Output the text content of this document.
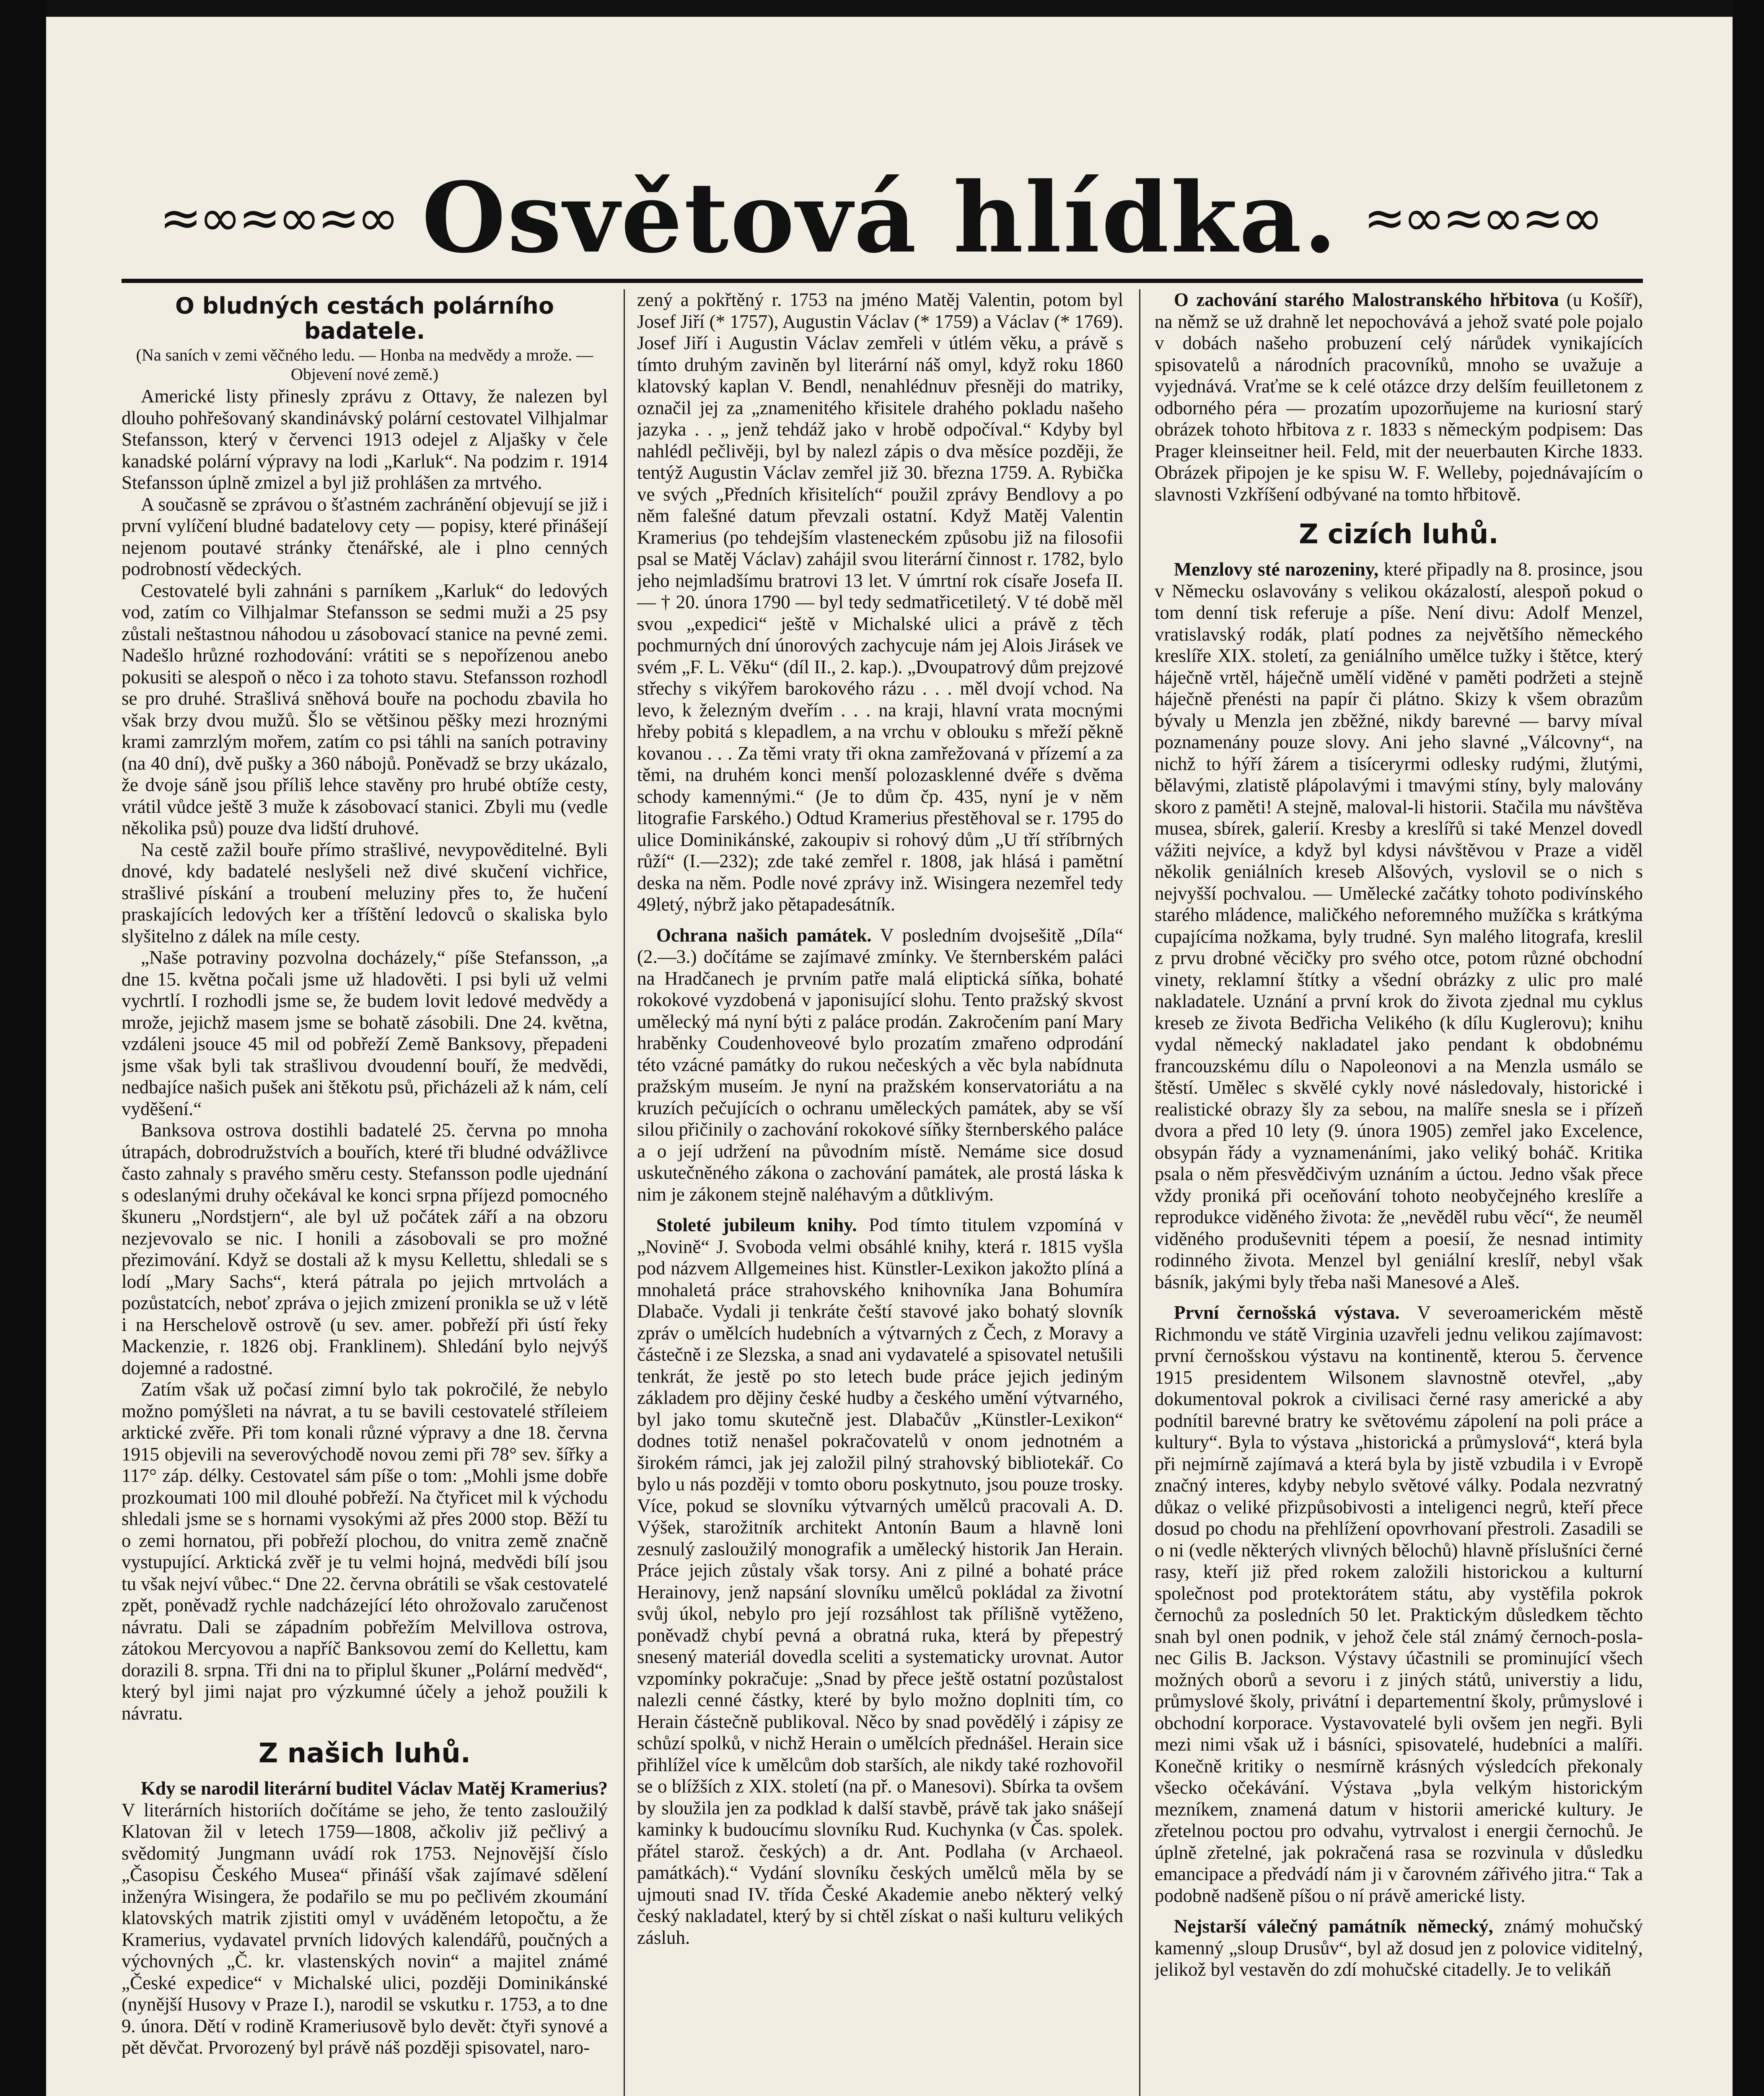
≈∞≈∞≈∞ Osvětová hlídka. ≈∞≈∞≈∞
O bludných cestách polárního badatele.
(Na saních v zemi věčného ledu. — Honba na medvědy a mrože. — Objevení nové země.)

Americké listy přinesly zprávu z Ottavy, že nalezen byl dlouho pohřešovaný skandinávský polární cestovatel Vilhjalmar Stefansson, který v červenci 1913 odejel z Aljašky v čele kanadské polární výpravy na lodi „Karluk“. Na podzim r. 1914 Stefansson úplně zmizel a byl již prohlášen za mrtvého.

A současně se zprávou o šťastném zachránění objevují se již i první vylíčení bludné badatelovy cety — popisy, které přinášejí nejenom poutavé stránky čtenářské, ale i plno cenných podrobností vědeckých.

Cestovatelé byli zahnáni s parníkem „Karluk“ do ledových vod, zatím co Vilhjalmar Stefansson se sedmi muži a 25 psy zůstali neštastnou náhodou u zásobovací stanice na pevné zemi. Nadešlo hrůzné rozhodování: vrátiti se s nepořízenou anebo pokusiti se alespoň o něco i za tohoto stavu. Stefansson rozhodl se pro druhé. Strašlivá sněhová bouře na pochodu zbavila ho však brzy dvou mužů. Šlo se většinou pěšky mezi hroznými krami zamrzlým mořem, zatím co psi táhli na saních potraviny (na 40 dní), dvě pušky a 360 nábojů. Poněvadž se brzy ukázalo, že dvoje sáně jsou příliš lehce stavěny pro hrubé obtíže cesty, vrátil vůdce ještě 3 muže k zásobovací stanici. Zbyli mu (vedle několika psů) pouze dva lidští druhové.

Na cestě zažil bouře přímo strašlivé, nevypověditelné. Byli dnové, kdy badatelé neslyšeli než divé skučení vichřice, strašlivé pískání a troubení meluziny přes to, že hučení praskajících ledových ker a tříštění ledovců o skaliska bylo slyšitelno z dálek na míle cesty.

„Naše potraviny pozvolna docházely,“ píše Stefansson, „a dne 15. května počali jsme už hladověti. I psi byli už velmi vychrtlí. I rozhodli jsme se, že budem lovit ledové medvědy a mrože, jejichž masem jsme se bohatě zásobili. Dne 24. května, vzdáleni jsouce 45 mil od pobřeží Země Banksovy, přepadeni jsme však byli tak strašlivou dvoudenní bouří, že medvědi, nedbajíce našich pušek ani štěkotu psů, přicházeli až k nám, celí vyděšení.“

Banksova ostrova dostihli badatelé 25. června po mnoha útrapách, dobrodružstvích a bouřích, které tři bludné odvážlivce často zahnaly s pravého směru cesty. Stefansson podle ujednání s odeslanými druhy očekával ke konci srpna příjezd pomocného škuneru „Nordstjern“, ale byl už počátek září a na obzoru nezjevovalo se nic. I honili a zásobovali se pro možné přezimování. Když se dostali až k mysu Kellettu, shledali se s lodí „Mary Sachs“, která pátrala po jejich mrtvolách a pozůstatcích, neboť zpráva o jejich zmizení pronikla se už v létě i na Herschelově ostrově (u sev. amer. pobřeží při ústí řeky Mackenzie, r. 1826 obj. Franklinem). Shledání bylo nejvýš dojemné a radostné.

Zatím však už počasí zimní bylo tak pokročilé, že nebylo možno pomýšleti na návrat, a tu se bavili cestovatelé stříleiem arktické zvěře. Při tom konali různé výpravy a dne 18. června 1915 objevili na severovýchodě novou zemi při 78° sev. šířky a 117° záp. délky. Cestovatel sám píše o tom: „Mohli jsme dobře prozkoumati 100 mil dlouhé pobřeží. Na čtyřicet mil k východu shledali jsme se s hornami vysokými až přes 2000 stop. Běží tu o zemi hornatou, při pobřeží plochou, do vnitra země značně vystupující. Arktická zvěř je tu velmi hojná, medvědi bílí jsou tu však nejví vůbec.“ Dne 22. června obrátili se však cestovatelé zpět, poněvadž rychle nadcházející léto ohrožovalo zaručenost návratu. Dali se západním pobřežím Melvillova ostrova, zátokou Mercyovou a napříč Banksovou zemí do Kellettu, kam dorazili 8. srpna. Tři dni na to připlul škuner „Polární medvěd“, který byl jimi najat pro výzkumné účely a jehož použili k návratu.

Z našich luhů.

Kdy se narodil literární buditel Václav Matěj Kramerius? V literárních historiích dočítáme se jeho, že tento zasloužilý Klatovan žil v letech 1759—1808, ačkoliv již pečlivý a svědomitý Jungmann uvádí rok 1753. Nejnovější číslo „Časopisu Českého Musea“ přináší však zajímavé sdělení inženýra Wisingera, že podařilo se mu po pečlivém zkoumání klatovských matrik zjistiti omyl v uváděném letopočtu, a že Kramerius, vydavatel prvních lidových kalendářů, poučných a výchovných „Č. kr. vlastenských novin“ a majitel známé „České expedice“ v Michalské ulici, později Dominikánské (nynější Husovy v Praze I.), narodil se vskutku r. 1753, a to dne 9. února. Dětí v rodině Krameriusově bylo devět: čtyři synové a pět děvčat. Prvorozený byl právě náš později spisovatel, naro-

zený a pokřtěný r. 1753 na jméno Matěj Valentin, potom byl Josef Jiří (* 1757), Augustin Václav (* 1759) a Václav (* 1769). Josef Jiří i Augustin Václav zemřeli v útlém věku, a právě s tímto druhým zaviněn byl literární náš omyl, když roku 1860 klatovský kaplan V. Bendl, nenahlédnuv přesněji do matriky, označil jej za „znamenitého křisitele drahého pokladu našeho jazyka . . „ jenž tehdáž jako v hrobě odpočíval.“ Kdyby byl nahlédl pečlivěji, byl by nalezl zápis o dva měsíce později, že tentýž Augustin Václav zemřel již 30. března 1759. A. Rybička ve svých „Předních křisitelích“ použil zprávy Bendlovy a po něm falešné datum převzali ostatní. Když Matěj Valentin Kramerius (po tehdejším vlasteneckém způsobu již na filosofii psal se Matěj Václav) zahájil svou literární činnost r. 1782, bylo jeho nejmladšímu bratrovi 13 let. V úmrtní rok císaře Josefa II. — † 20. února 1790 — byl tedy sedmatřicetiletý. V té době měl svou „expedici“ ještě v Michalské ulici a právě z těch pochmurných dní únorových zachycuje nám jej Alois Jirásek ve svém „F. L. Věku“ (díl II., 2. kap.). „Dvoupatrový dům prejzové střechy s vikýřem barokového rázu . . . měl dvojí vchod. Na levo, k železným dveřím . . . na kraji, hlavní vrata mocnými hřeby pobitá s klepadlem, a na vrchu v oblouku s mřeží pěkně kovanou . . . Za těmi vraty tři okna zamřežovaná v přízemí a za těmi, na druhém konci menší polozasklenné dvéře s dvěma schody kamennými.“ (Je to dům čp. 435, nyní je v něm litografie Farského.) Odtud Kramerius přestěhoval se r. 1795 do ulice Dominikánské, zakoupiv si rohový dům „U tří stříbrných růží“ (I.—232); zde také zemřel r. 1808, jak hlásá i pamětní deska na něm. Podle nové zprávy inž. Wisingera nezemřel tedy 49letý, nýbrž jako pětapadesátník.

Ochrana našich památek. V posledním dvojsešitě „Díla“ (2.—3.) dočítáme se zajímavé zmínky. Ve šternberském paláci na Hradčanech je prvním patře malá eliptická síňka, bohaté rokokové vyzdobená v japonisující slohu. Tento pražský skvost umělecký má nyní býti z paláce prodán. Zakročením paní Mary hraběnky Coudenhoveové bylo prozatím zmařeno odprodání této vzácné památky do rukou nečeských a věc byla nabídnuta pražským museím. Je nyní na pražském konservatoriátu a na kruzích pečujících o ochranu uměleckých památek, aby se vší silou přičinily o zachování rokokové síňky šternberského paláce a o její udržení na původním místě. Nemáme sice dosud uskutečněného zákona o zachování památek, ale prostá láska k nim je zákonem stejně naléhavým a důtklivým.

Stoleté jubileum knihy. Pod tímto titulem vzpomíná v „Novině“ J. Svoboda velmi obsáhlé knihy, která r. 1815 vyšla pod názvem Allgemeines hist. Künstler-Lexikon jakožto plíná a mnohaletá práce strahovského knihovníka Jana Bohumíra Dlabače. Vydali ji tenkráte čeští stavové jako bohatý slovník zpráv o umělcích hudebních a výtvarných z Čech, z Moravy a částečně i ze Slezska, a snad ani vydavatelé a spisovatel netušili tenkrát, že jestě po sto letech bude práce jejich jediným základem pro dějiny české hudby a českého umění výtvarného, byl jako tomu skutečně jest. Dlabačův „Künstler-Lexikon“ dodnes totiž nenašel pokračovatelů v onom jednotném a širokém rámci, jak jej založil pilný strahovský bibliotekář. Co bylo u nás později v tomto oboru poskytnuto, jsou pouze trosky. Více, pokud se slovníku výtvarných umělců pracovali A. D. Výšek, starožitník architekt Antonín Baum a hlavně loni zesnulý zasloužilý monografik a umělecký historik Jan Herain. Práce jejich zůstaly však torsy. Ani z pilné a bohaté práce Herainovy, jenž napsání slovníku umělců pokládal za životní svůj úkol, nebylo pro její rozsáhlost tak přílišně vytěženo, poněvadž chybí pevná a obratná ruka, která by přepestrý snesený materiál dovedla sceliti a systematicky urovnat. Autor vzpomínky pokračuje: „Snad by přece ještě ostatní pozůstalost nalezli cenné částky, které by bylo možno doplniti tím, co Herain částečně publikoval. Něco by snad povědělý i zápisy ze schůzí spolků, v nichž Herain o umělcích přednášel. Herain sice přihlížel více k umělcům dob starších, ale nikdy také rozhovořil se o blížších z XIX. století (na př. o Manesovi). Sbírka ta ovšem by sloužila jen za podklad k další stavbě, právě tak jako snášejí kaminky k budoucímu slovníku Rud. Kuchynka (v Čas. spolek. přátel starož. českých) a dr. Ant. Podlaha (v Archaeol. památkách).“ Vydání slovníku českých umělců měla by se ujmouti snad IV. třída České Akademie anebo některý velký český nakladatel, který by si chtěl získat o naši kulturu velikých zásluh.

O zachování starého Malostranského hřbitova (u Košíř), na němž se už drahně let nepochovává a jehož svaté pole pojalo v dobách našeho probuzení celý nárůdek vynikajících spisovatelů a národních pracovníků, mnoho se uvažuje a vyjednává. Vraťme se k celé otázce drzy delším feuilletonem z odborného péra — prozatím upozorňujeme na kuriosní starý obrázek tohoto hřbitova z r. 1833 s německým podpisem: Das Prager kleinseitner heil. Feld, mit der neuerbauten Kirche 1833. Obrázek připojen je ke spisu W. F. Welleby, pojednávajícím o slavnosti Vzkříšení odbývané na tomto hřbitově.

Z cizích luhů.

Menzlovy sté narozeniny, které připadly na 8. prosince, jsou v Německu oslavovány s velikou okázalostí, alespoň pokud o tom denní tisk referuje a píše. Není divu: Adolf Menzel, vratislavský rodák, platí podnes za největšího německého kreslíře XIX. století, za geniálního umělce tužky i štětce, který háječně vrtěl, háječně umělí viděné v paměti podržeti a stejně háječně přenésti na papír či plátno. Skizy k všem obrazům bývaly u Menzla jen zběžné, nikdy barevné — barvy míval poznamenány pouze slovy. Ani jeho slavné „Válcovny“, na nichž to hýří žárem a tisíceryrmi odlesky rudými, žlutými, bělavými, zlatistě plápolavými i tmavými stíny, byly malovány skoro z paměti! A stejně, maloval-li historii. Stačila mu návštěva musea, sbírek, galerií. Kresby a kreslířů si také Menzel dovedl vážiti nejvíce, a když byl kdysi návštěvou v Praze a viděl několik geniálních kreseb Alšových, vyslovil se o nich s nejvyšší pochvalou. — Umělecké začátky tohoto podivínského starého mládence, maličkého neforemného mužíčka s krátkýma cupajícíma nožkama, byly trudné. Syn malého litografa, kreslil z prvu drobné věcičky pro svého otce, potom různé obchodní vinety, reklamní štítky a všední obrázky z ulic pro malé nakladatele. Uznání a první krok do života zjednal mu cyklus kreseb ze života Bedřicha Velikého (k dílu Kuglerovu); knihu vydal německý nakladatel jako pendant k obdobnému francouzskému dílu o Napoleonovi a na Menzla usmálo se štěstí. Umělec s skvělé cykly nové následovaly, historické i realistické obrazy šly za sebou, na malíře snesla se i přízeň dvora a před 10 lety (9. února 1905) zemřel jako Excelence, obsypán řády a vyznamenáními, jako veliký boháč. Kritika psala o něm přesvědčivým uznáním a úctou. Jedno však přece vždy proniká při oceňování tohoto neobyčejného kreslíře a reprodukce viděného života: že „nevěděl rubu věcí“, že neuměl viděného produševniti tépem a poesií, že nesnad intimity rodinného života. Menzel byl geniální kreslíř, nebyl však básník, jakými byly třeba naši Manesové a Aleš.

První černošská výstava. V severoamerickém městě Richmondu ve státě Virginia uzavřeli jednu velikou zajímavost: první černošskou výstavu na kontinentě, kterou 5. července 1915 presidentem Wilsonem slavnostně otevřel, „aby dokumentoval pokrok a civilisaci černé rasy americké a aby podnítil barevné bratry ke světovému zápolení na poli práce a kultury“. Byla to výstava „historická a průmyslová“, která byla při nejmírně zajímavá a která byla by jistě vzbudila i v Evropě značný interes, kdyby nebylo světové války. Podala nezvratný důkaz o veliké přizpůsobivosti a inteligenci negrů, kteří přece dosud po chodu na přehlížení opovrhovaní přestroli. Zasadili se o ni (vedle některých vlivných bělochů) hlavně příslušníci černé rasy, kteří již před rokem založili historickou a kulturní společnost pod protektorátem státu, aby vystěfila pokrok černochů za posledních 50 let. Praktickým důsledkem těchto snah byl onen podnik, v jehož čele stál známý černoch-posla-nec Gilis B. Jackson. Výstavy účastnili se prominující všech možných oborů a sevoru i z jiných států, universtiy a lidu, průmyslové školy, privátní i departementní školy, průmyslové i obchodní korporace. Vystavovatelé byli ovšem jen negři. Byli mezi nimi však už i básníci, spisovatelé, hudebníci a malíři. Konečně kritiky o nesmírně krásných výsledcích překonaly všecko očekávání. Výstava „byla velkým historickým mezníkem, znamená datum v historii americké kultury. Je zřetelnou poctou pro odvahu, vytrvalost i energii černochů. Je úplně zřetelné, jak pokračená rasa se rozvinula v důsledku emancipace a předvádí nám ji v čarovném zářivého jitra.“ Tak a podobně nadšeně píšou o ní právě americké listy.

Nejstarší válečný památník německý, známý mohučský kamenný „sloup Drusův“, byl až dosud jen z polovice viditelný, jelikož byl vestavěn do zdí mohučské citadelly. Je to velikáň
